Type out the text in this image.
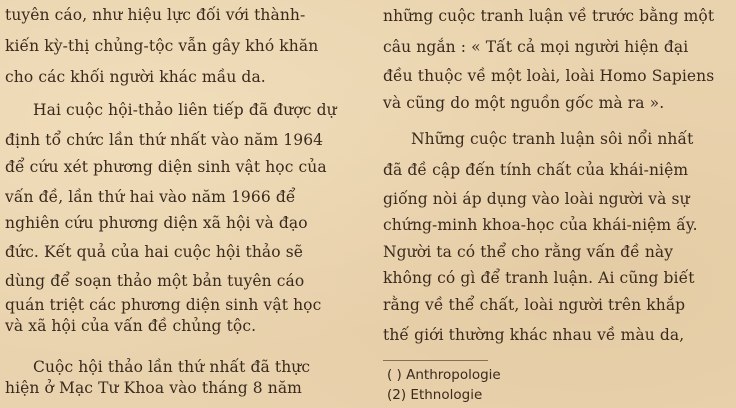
tuyên cáo, như hiệu lực đối với thành-
kiến kỳ-thị chủng-tộc vẫn gây khó khăn
cho các khối người khác mầu da.
Hai cuộc hội-thảo liên tiếp đã được dự
định tổ chức lần thứ nhất vào năm 1964
để cứu xét phương diện sinh vật học của
vấn đề, lần thứ hai vào năm 1966 để
nghiên cứu phương diện xã hội và đạo
đức. Kết quả của hai cuộc hội thảo sẽ
dùng để soạn thảo một bản tuyên cáo
quán triệt các phương diện sinh vật học
và xã hội của vấn đề chủng tộc.
Cuộc hội thảo lần thứ nhất đã thực
hiện ở Mạc Tư Khoa vào tháng 8 năm
những cuộc tranh luận về trước bằng một
câu ngắn : « Tất cả mọi người hiện đại
đều thuộc về một loài, loài Homo Sapiens
và cũng do một nguồn gốc mà ra ».
Những cuộc tranh luận sôi nổi nhất
đã đề cập đến tính chất của khái-niệm
giống nòi áp dụng vào loài người và sự
chứng-minh khoa-học của khái-niệm ấy.
Người ta có thể cho rằng vấn đề này
không có gì để tranh luận. Ai cũng biết
rằng về thể chất, loài người trên khắp
thế giới thường khác nhau về màu da,
( ) Anthropologie
(2) Ethnologie
